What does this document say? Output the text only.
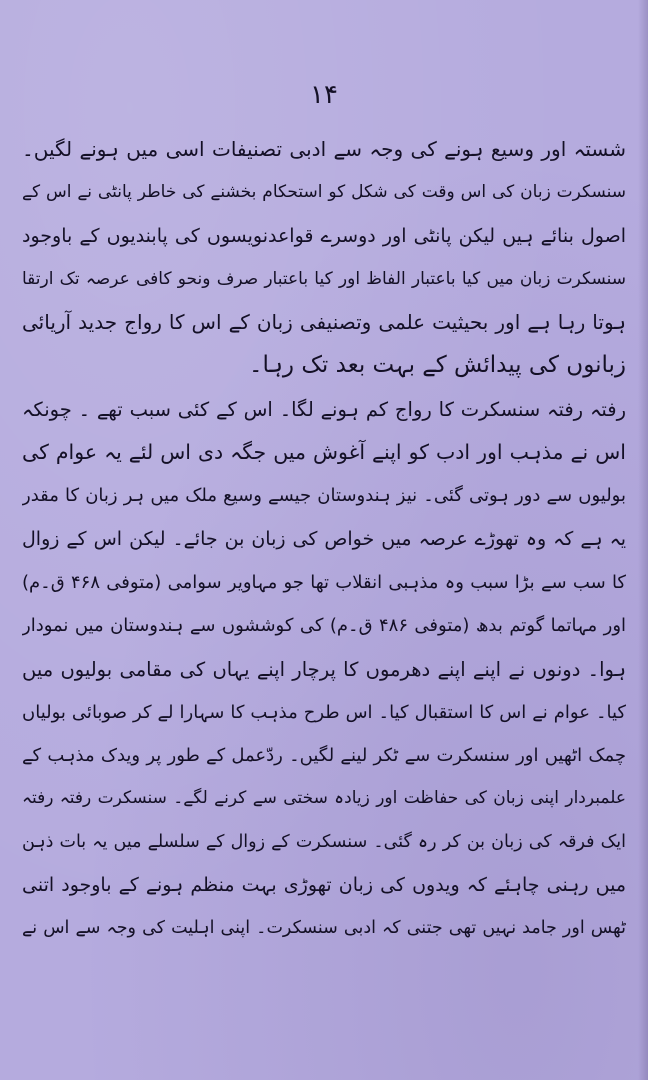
۱۴
شستہ اور وسیع ہونے کی وجہ سے ادبی تصنیفات اسی میں ہونے لگیں۔
سنسکرت زبان کی اس وقت کی شکل کو استحکام بخشنے کی خاطر پانٹی نے اس کے
اصول بنائے ہیں لیکن پانٹی اور دوسرے قواعدنویسوں کی پابندیوں کے باوجود
سنسکرت زبان میں کیا باعتبار الفاظ اور کیا باعتبار صرف ونحو کافی عرصہ تک ارتقا
ہوتا رہا ہے اور بحیثیت علمی وتصنیفی زبان کے اس کا رواج جدید آریائی
زبانوں کی پیدائش کے بہت بعد تک رہا۔
رفتہ رفتہ سنسکرت کا رواج کم ہونے لگا۔ اس کے کئی سبب تھے ۔ چونکہ
اس نے مذہب اور ادب کو اپنے آغوش میں جگہ دی اس لئے یہ عوام کی
بولیوں سے دور ہوتی گئی۔ نیز ہندوستان جیسے وسیع ملک میں ہر زبان کا مقدر
یہ ہے کہ وہ تھوڑے عرصہ میں خواص کی زبان بن جائے۔ لیکن اس کے زوال
کا سب سے بڑا سبب وہ مذہبی انقلاب تھا جو مہاویر سوامی (متوفی ۴۶۸ ق۔م)
اور مہاتما گوتم بدھ (متوفی ۴۸۶ ق۔م) کی کوششوں سے ہندوستان میں نمودار
ہوا۔ دونوں نے اپنے اپنے دھرموں کا پرچار اپنے یہاں کی مقامی بولیوں میں
کیا۔ عوام نے اس کا استقبال کیا۔ اس طرح مذہب کا سہارا لے کر صوبائی بولیاں
چمک اٹھیں اور سنسکرت سے ٹکر لینے لگیں۔ ردّعمل کے طور پر ویدک مذہب کے
علمبردار اپنی زبان کی حفاظت اور زیادہ سختی سے کرنے لگے۔ سنسکرت رفتہ رفتہ
ایک فرقہ کی زبان بن کر رہ گئی۔ سنسکرت کے زوال کے سلسلے میں یہ بات ذہن
میں رہنی چاہئے کہ ویدوں کی زبان تھوڑی بہت منظم ہونے کے باوجود اتنی
ٹھس اور جامد نہیں تھی جتنی کہ ادبی سنسکرت۔ اپنی اہلیت کی وجہ سے اس نے
